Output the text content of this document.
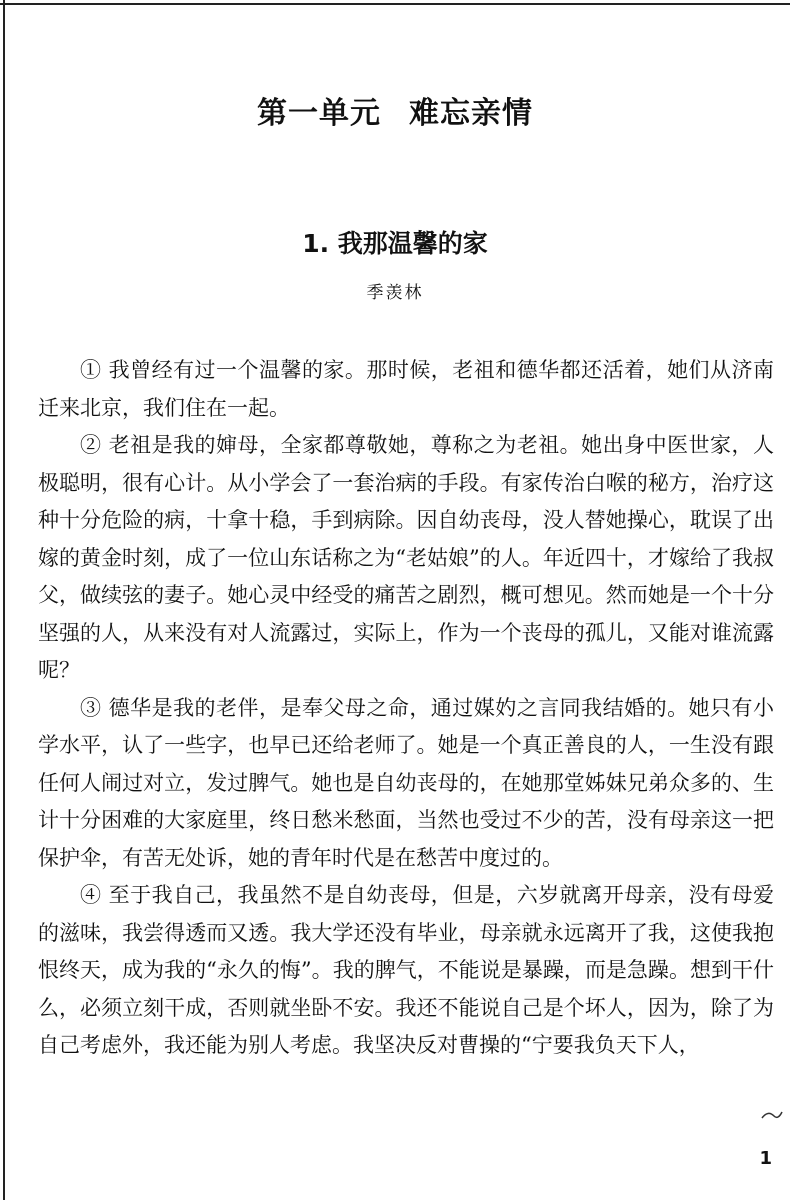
第一单元 难忘亲情
1. 我那温馨的家
季羡林

① 我曾经有过一个温馨的家。那时候，老祖和德华都还活着，她们从济南迁来北京，我们住在一起。

② 老祖是我的婶母，全家都尊敬她，尊称之为老祖。她出身中医世家，人极聪明，很有心计。从小学会了一套治病的手段。有家传治白喉的秘方，治疗这种十分危险的病，十拿十稳，手到病除。因自幼丧母，没人替她操心，耽误了出嫁的黄金时刻，成了一位山东话称之为“老姑娘”的人。年近四十，才嫁给了我叔父，做续弦的妻子。她心灵中经受的痛苦之剧烈，概可想见。然而她是一个十分坚强的人，从来没有对人流露过，实际上，作为一个丧母的孤儿，又能对谁流露呢？

③ 德华是我的老伴，是奉父母之命，通过媒妁之言同我结婚的。她只有小学水平，认了一些字，也早已还给老师了。她是一个真正善良的人，一生没有跟任何人闹过对立，发过脾气。她也是自幼丧母的，在她那堂姊妹兄弟众多的、生计十分困难的大家庭里，终日愁米愁面，当然也受过不少的苦，没有母亲这一把保护伞，有苦无处诉，她的青年时代是在愁苦中度过的。

④ 至于我自己，我虽然不是自幼丧母，但是，六岁就离开母亲，没有母爱的滋味，我尝得透而又透。我大学还没有毕业，母亲就永远离开了我，这使我抱恨终天，成为我的“永久的悔”。我的脾气，不能说是暴躁，而是急躁。想到干什么，必须立刻干成，否则就坐卧不安。我还不能说自己是个坏人，因为，除了为自己考虑外，我还能为别人考虑。我坚决反对曹操的“宁要我负天下人，

1
